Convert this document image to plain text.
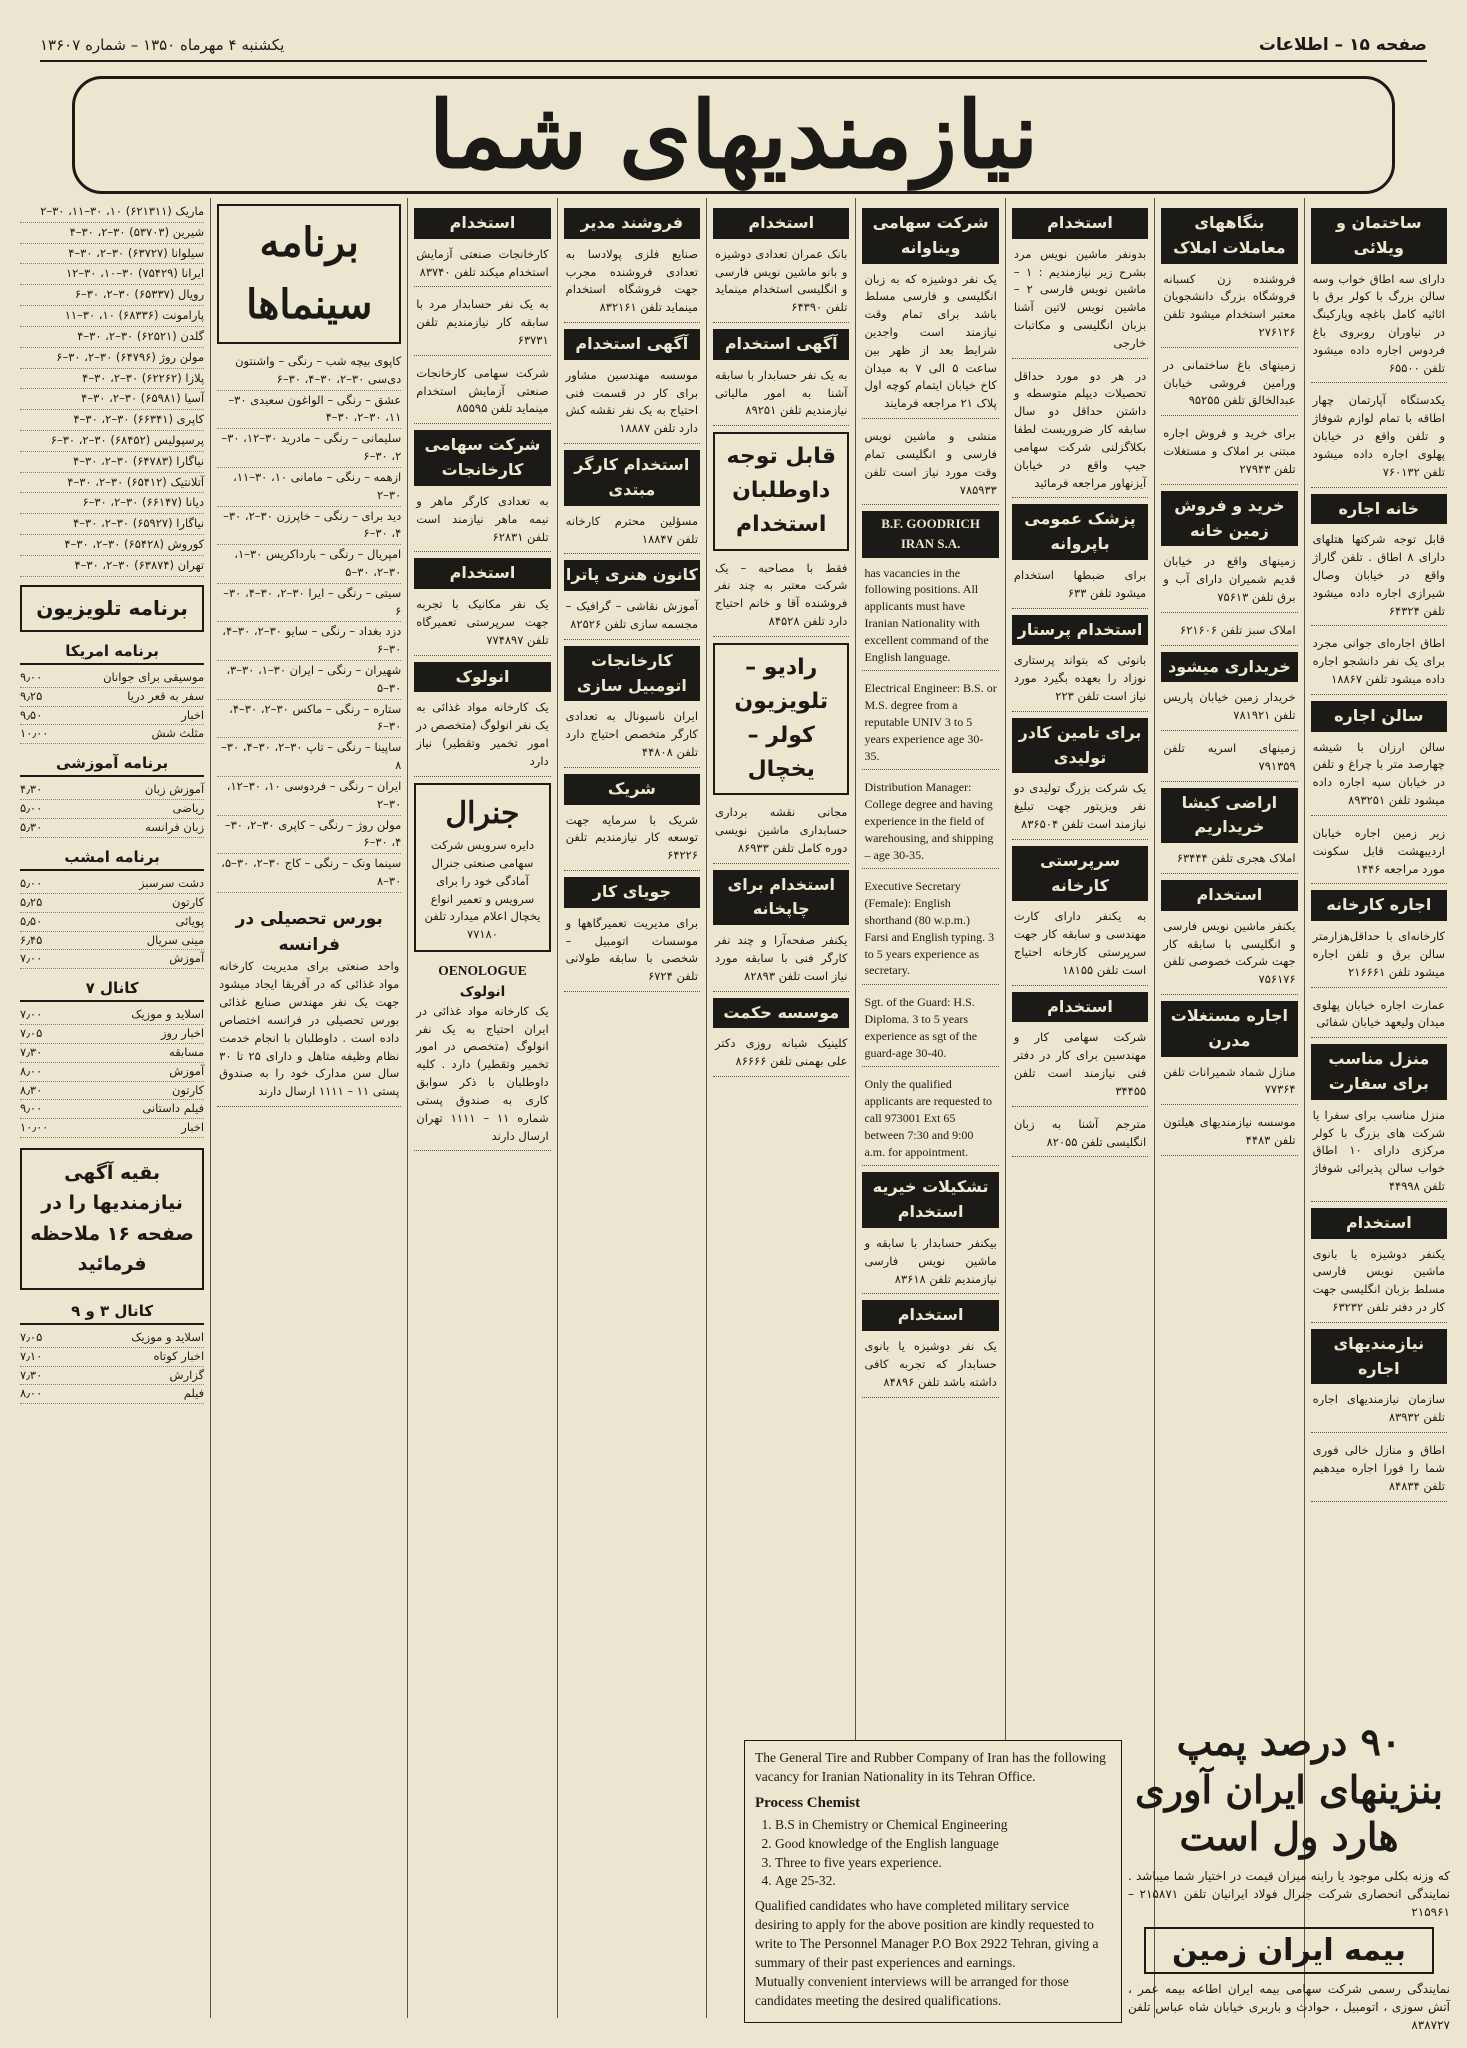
صفحه ۱۵ – اطلاعات
یکشنبه ۴ مهرماه ۱۳۵۰ – شماره ۱۳۶۰۷
نیازمندیهای شما
ساختمان و ویلائی
دارای سه اطاق خواب وسه سالن بزرگ با کولر برق با اثاثیه کامل باغچه وپارکینگ در نیاوران روبروی باغ فردوس اجاره داده میشود تلفن ۶۵۵۰۰
یکدستگاه آپارتمان چهار اطاقه با تمام لوازم شوفاژ و تلفن واقع در خیابان پهلوی اجاره داده میشود تلفن ۷۶۰۱۳۲
خانه اجاره
قابل توجه شرکتها هتلهای دارای ۸ اطاق . تلفن گاراژ واقع در خیابان وصال شیرازی اجاره داده میشود تلفن ۶۴۳۲۴
اطاق اجاره‌ای جوانی مجرد برای یک نفر دانشجو اجاره داده میشود تلفن ۱۸۸۶۷
سالن اجاره
سالن ارزان با شیشه چهارصد متر با چراغ و تلفن در خیابان سپه اجاره داده میشود تلفن ۸۹۳۲۵۱
زیر زمین اجاره خیابان اردیبهشت قابل سکونت مورد مراجعه ۱۴۴۶
اجاره کارخانه
کارخانه‌ای با حداقل‌هزارمتر سالن برق و تلفن اجاره میشود تلفن ۲۱۶۶۶۱
عمارت اجاره خیابان پهلوی میدان ولیعهد خیابان شفائی
منزل مناسب برای سفارت
منزل مناسب برای سفرا یا شرکت های بزرگ با کولر مرکزی دارای ۱۰ اطاق خواب سالن پذیرائی شوفاژ تلفن ۴۴۹۹۸
استخدام
یکنفر دوشیزه یا بانوی ماشین نویس فارسی مسلط بزبان انگلیسی جهت کار در دفتر تلفن ۶۳۲۳۲
نیازمندیهای اجاره
سازمان نیازمندیهای اجاره تلفن ۸۳۹۳۲
اطاق و منازل خالی فوری شما را فورا اجاره میدهیم تلفن ۸۴۸۳۴
بنگاههای معاملات املاک
فروشنده زن کسبانه فروشگاه بزرگ دانشجویان معتبر استخدام میشود تلفن ۲۷۶۱۲۶
زمینهای باغ ساختمانی در ورامین فروشی خیابان عبدالخالق تلفن ۹۵۲۵۵
برای خرید و فروش اجاره مبتنی بر املاک و مستغلات تلفن ۲۷۹۴۳
خرید و فروش زمین خانه
زمینهای واقع در خیابان قدیم شمیران دارای آب و برق تلفن ۷۵۶۱۳
املاک سبز تلفن ۶۲۱۶۰۶
خریداری میشود
خریدار زمین خیابان پاریس تلفن ۷۸۱۹۲۱
زمینهای اسریه تلفن ۷۹۱۳۵۹
اراضی کیشا خریداریم
املاک هجری تلفن ۶۳۴۴۴
استخدام
یکنفر ماشین نویس فارسی و انگلیسی با سابقه کار جهت شرکت خصوصی تلفن ۷۵۶۱۷۶
اجاره مستغلات مدرن
منازل شماد شمیرانات تلفن ۷۷۳۶۴
موسسه نیازمندیهای هیلتون تلفن ۴۴۸۳
استخدام
بدونفر ماشین نویس مرد بشرح زیر نیازمندیم : ۱ – ماشین نویس فارسی ۲ – ماشین نویس لاتین آشنا بزبان انگلیسی و مکاتبات خارجی
در هر دو مورد حداقل تحصیلات دیپلم متوسطه و داشتن حداقل دو سال سابقه کار ضروریست لطفا بکلاگزلنی شرکت سهامی جیپ واقع در خیابان آیزنهاور مراجعه فرمائید
پزشک عمومی باپروانه
برای ضبطها استخدام میشود تلفن ۶۳۳
استخدام پرستار
بانوئی که بتواند پرستاری نوزاد را بعهده بگیرد مورد نیاز است تلفن ۲۲۳
برای تامین کادر تولیدی
یک شرکت بزرگ تولیدی دو نفر ویزیتور جهت تبلیغ نیازمند است تلفن ۸۳۶۵۰۴
سرپرستی کارخانه
به یکنفر دارای کارت مهندسی و سابقه کار جهت سرپرستی کارخانه احتیاج است تلفن ۱۸۱۵۵
استخدام
شرکت سهامی کار و مهندسین برای کار در دفتر فنی نیازمند است تلفن ۳۴۴۵۵
مترجم آشنا به زبان انگلیسی تلفن ۸۲۰۵۵
شرکت سهامی ویناوانه
یک نفر دوشیزه که به زبان انگلیسی و فارسی مسلط باشد برای تمام وقت نیازمند است واجدین شرایط بعد از ظهر بین ساعت ۵ الی ۷ به میدان کاخ خیابان ایتمام کوچه اول پلاک ۲۱ مراجعه فرمایند
منشی و ماشین نویس فارسی و انگلیسی تمام وقت مورد نیاز است تلفن ۷۸۵۹۳۳
B.F. GOODRICH IRAN S.A.
has vacancies in the following positions. All applicants must have Iranian Nationality with excellent command of the English language.
Electrical Engineer: B.S. or M.S. degree from a reputable UNIV 3 to 5 years experience age 30-35.
Distribution Manager: College degree and having experience in the field of warehousing, and shipping – age 30-35.
Executive Secretary (Female): English shorthand (80 w.p.m.) Farsi and English typing. 3 to 5 years experience as secretary.
Sgt. of the Guard: H.S. Diploma. 3 to 5 years experience as sgt of the guard-age 30-40.
Only the qualified applicants are requested to call 973001 Ext 65 between 7:30 and 9:00 a.m. for appointment.
تشکیلات خیریه استخدام
بیکنفر حسابدار با سابقه و ماشین نویس فارسی نیازمندیم تلفن ۸۳۶۱۸
استخدام
یک نفر دوشیزه یا بانوی حسابدار که تجربه کافی داشته باشد تلفن ۸۴۸۹۶
استخدام
بانک عمران تعدادی دوشیزه و بانو ماشین نویس فارسی و انگلیسی استخدام مینماید تلفن ۶۴۳۹۰
آگهی استخدام
به یک نفر حسابدار با سابقه آشنا به امور مالیاتی نیازمندیم تلفن ۸۹۲۵۱
قابل توجه داوطلبان استخدام
فقط با مصاحبه – یک شرکت معتبر به چند نفر فروشنده آقا و خانم احتیاج دارد تلفن ۸۴۵۲۸
رادیو – تلویزیون کولر – یخچال
مجانی نقشه برداری حسابداری ماشین نویسی دوره کامل تلفن ۸۶۹۳۳
استخدام برای چاپخانه
یکنفر صفحه‌آرا و چند نفر کارگر فنی با سابقه مورد نیاز است تلفن ۸۲۸۹۳
موسسه حکمت
کلینیک شبانه روزی دکتر علی بهمنی تلفن ۸۶۶۶۶
فروشند مدیر
صنایع فلزی پولادسا به تعدادی فروشنده مجرب جهت فروشگاه استخدام مینماید تلفن ۸۳۲۱۶۱
آگهی استخدام
موسسه مهندسین مشاور برای کار در قسمت فنی احتیاج به یک نفر نقشه کش دارد تلفن ۱۸۸۸۷
استخدام کارگر مبتدی
مسؤلین محترم کارخانه تلفن ۱۸۸۴۷
کانون هنری پاترا
آموزش نقاشی – گرافیک – مجسمه سازی تلفن ۸۲۵۲۶
کارخانجات اتومبیل سازی
ایران ناسیونال به تعدادی کارگر متخصص احتیاج دارد تلفن ۴۴۸۰۸
شریک
شریک با سرمایه جهت توسعه کار نیازمندیم تلفن ۶۴۲۲۶
جویای کار
برای مدیریت تعمیرگاهها و موسسات اتومبیل – شخصی با سابقه طولانی تلفن ۶۷۲۴
استخدام
کارخانجات صنعتی آزمایش استخدام میکند تلفن ۸۳۷۴۰
به یک نفر حسابدار مرد با سابقه کار نیازمندیم تلفن ۶۳۷۳۱
شرکت سهامی کارخانجات صنعتی آزمایش استخدام مینماید تلفن ۸۵۵۹۵
شرکت سهامی کارخانجات
به تعدادی کارگر ماهر و نیمه ماهر نیازمند است تلفن ۶۲۸۳۱
استخدام
یک نفر مکانیک با تجربه جهت سرپرستی تعمیرگاه تلفن ۷۷۴۸۹۷
انولوک
یک کارخانه مواد غذائی به یک نفر انولوگ (متخصص در امور تخمیر وتقطیر) نیاز دارد
جنرال
دایره سرویس شرکت سهامی صنعتی جنرال آمادگی خود را برای سرویس و تعمیر انواع یخچال اعلام میدارد تلفن ۷۷۱۸۰
OENOLOGUE
انولوک
یک کارخانه مواد غذائی در ایران احتیاج به یک نفر انولوگ (متخصص در امور تخمیر وتقطیر) دارد . کلیه داوطلبان با ذکر سوابق کاری به صندوق پستی شماره ۱۱ – ۱۱۱۱ تهران ارسال دارند
برنامه سینماها
کاپوی بیچه شب – رنگی – واشنتون دی‌سی ۳۰–۲، ۳۰–۴، ۳۰–۶
عشق – رنگی – الواغون سعیدی ۳۰–۱۱، ۳۰–۲، ۳۰–۴
سلیمانی – رنگی – مادرید ۳۰–۱۲، ۳۰–۲، ۳۰–۶
ازهمه – رنگی – مامانی ۱۰، ۳۰–۱۱، ۳۰–۲
دید برای – رنگی – خاپرزن ۳۰–۲، ۳۰–۴، ۳۰–۶
امپریال – رنگی – بارداکریس ۳۰–۱، ۳۰–۲، ۳۰–۵
سیتی – رنگی – ایرا ۳۰–۲، ۳۰–۴، ۳۰–۶
دزد بغداد – رنگی – سایو ۳۰–۲، ۳۰–۴، ۳۰–۶
شهیران – رنگی – ایران ۳۰–۱، ۳۰–۳، ۳۰–۵
ستاره – رنگی – ماکس ۳۰–۲، ۳۰–۴، ۳۰–۶
ساپینا – رنگی – تاپ ۳۰–۲، ۳۰–۴، ۳۰–۸
ایران – رنگی – فردوسی ۱۰، ۳۰–۱۲، ۳۰–۲
مولن روژ – رنگی – کاپری ۳۰–۲، ۳۰–۴، ۳۰–۶
سینما ونک – رنگی – کاج ۳۰–۲، ۳۰–۵، ۳۰–۸
بورس تحصیلی در فرانسه
واحد صنعتی برای مدیریت کارخانه مواد غذائی که در آفریقا ایجاد میشود جهت یک نفر مهندس صنایع غذائی بورس تحصیلی در فرانسه اختصاص داده است . داوطلبان با انجام خدمت نظام وظیفه متاهل و دارای ۲۵ تا ۳۰ سال سن مدارک خود را به صندوق پستی ۱۱ – ۱۱۱۱ ارسال دارند
ماریک (۶۲۱۳۱۱) ۱۰، ۳۰–۱۱، ۳۰–۲
شیرین (۵۳۷۰۳) ۳۰–۲، ۳۰–۴
سیلوانا (۶۳۷۲۷) ۳۰–۲، ۳۰–۴
ایرانا (۷۵۴۲۹) ۳۰–۱۰، ۳۰–۱۲
رویال (۶۵۳۳۷) ۳۰–۲، ۳۰–۶
پارامونت (۶۸۳۳۶) ۱۰، ۳۰–۱۱
گلدن (۶۲۵۲۱) ۳۰–۲، ۳۰–۴
مولن روژ (۶۴۷۹۶) ۳۰–۲، ۳۰–۶
پلازا (۶۲۲۶۲) ۳۰–۲، ۳۰–۴
آسیا (۶۵۹۸۱) ۳۰–۲، ۳۰–۴
کاپری (۶۶۳۴۱) ۳۰–۲، ۳۰–۴
پرسپولیس (۶۸۴۵۲) ۳۰–۲، ۳۰–۶
نیاگارا (۶۴۷۸۳) ۳۰–۲، ۳۰–۴
آتلانتیک (۶۵۴۱۲) ۳۰–۲، ۳۰–۴
دیانا (۶۶۱۴۷) ۳۰–۲، ۳۰–۶
نیاگارا (۶۵۹۲۷) ۳۰–۲، ۳۰–۴
کوروش (۶۵۴۲۸) ۳۰–۲، ۳۰–۴
تهران (۶۳۸۷۴) ۳۰–۲، ۳۰–۴
برنامه تلویزیون
برنامه امریکا
موسیقی برای جوانان
۹٫۰۰
سفر به قعر دریا
۹٫۲۵
اخبار
۹٫۵۰
مثلث شش
۱۰٫۰۰
برنامه آموزشی
آموزش زبان
۴٫۳۰
ریاضی
۵٫۰۰
زبان فرانسه
۵٫۳۰
برنامه امشب
دشت سرسبز
۵٫۰۰
کارتون
۵٫۲۵
پویائی
۵٫۵۰
مینی سریال
۶٫۴۵
آموزش
۷٫۰۰
کانال ۷
اسلاید و موزیک
۷٫۰۰
اخبار روز
۷٫۰۵
مسابقه
۷٫۳۰
آموزش
۸٫۰۰
کارتون
۸٫۳۰
فیلم داستانی
۹٫۰۰
اخبار
۱۰٫۰۰
بقیه آگهی نیازمندیها را در صفحه ۱۶ ملاحظه فرمائید
کانال ۳ و ۹
اسلاید و موزیک
۷٫۰۵
اخبار کوتاه
۷٫۱۰
گزارش
۷٫۳۰
فیلم
۸٫۰۰
The General Tire and Rubber Company of Iran has the following vacancy for Iranian Nationality in its Tehran Office.
Process Chemist
1. B.S in Chemistry or Chemical Engineering
2. Good knowledge of the English language
3. Three to five years experience.
4. Age 25-32.
Qualified candidates who have completed military service desiring to apply for the above position are kindly requested to write to The Personnel Manager P.O Box 2922 Tehran, giving a summary of their past experiences and earnings.
Mutually convenient interviews will be arranged for those candidates meeting the desired qualifications.
۹۰ درصد پمپ بنزینهای ایران آوری هارد ول است
که وزنه بکلی موجود یا راینه میزان قیمت در اختیار شما میباشد . نمایندگی انحصاری شرکت جنرال فولاد ایرانیان تلفن ۲۱۵۸۷۱ – ۲۱۵۹۶۱
بیمه ایران زمین
نمایندگی رسمی شرکت سهامی بیمه ایران اطاعه بیمه عمر ، آتش سوزی ، اتومبیل ، حوادث و باربری خیابان شاه عباس تلفن ۸۳۸۷۲۷
